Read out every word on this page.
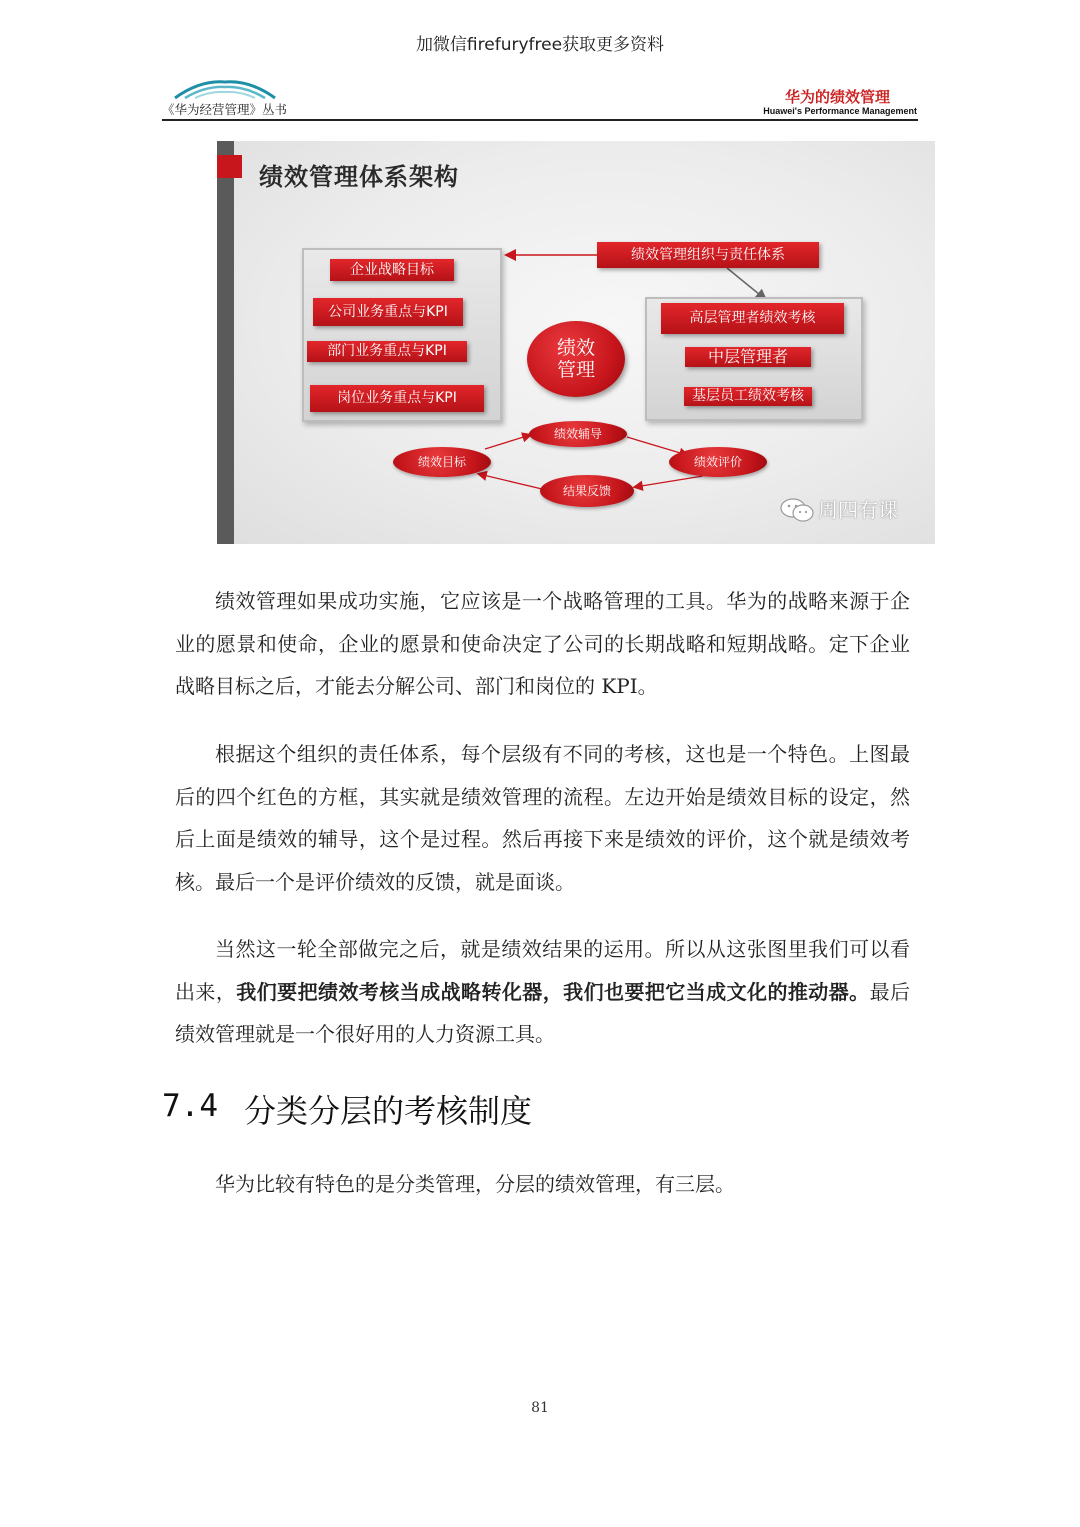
加微信firefuryfree获取更多资料
《华为经营管理》丛书
华为的绩效管理
Huawei's Performance Management
绩效管理体系架构
企业战略目标
公司业务重点与KPI
部门业务重点与KPI
岗位业务重点与KPI
绩效
管理
绩效管理组织与责任体系
高层管理者绩效考核
中层管理者
基层员工绩效考核
绩效辅导
绩效目标	绩效评价
结果反馈
周四有课
绩效管理如果成功实施，它应该是一个战略管理的工具。华为的战略来源于企业的愿景和使命，企业的愿景和使命决定了公司的长期战略和短期战略。定下企业战略目标之后，才能去分解公司、部门和岗位的 KPI。
根据这个组织的责任体系，每个层级有不同的考核，这也是一个特色。上图最后的四个红色的方框，其实就是绩效管理的流程。左边开始是绩效目标的设定，然后上面是绩效的辅导，这个是过程。然后再接下来是绩效的评价，这个就是绩效考核。最后一个是评价绩效的反馈，就是面谈。
当然这一轮全部做完之后，就是绩效结果的运用。所以从这张图里我们可以看出来，我们要把绩效考核当成战略转化器，我们也要把它当成文化的推动器。最后绩效管理就是一个很好用的人力资源工具。
7.4 分类分层的考核制度
华为比较有特色的是分类管理，分层的绩效管理，有三层。
81
